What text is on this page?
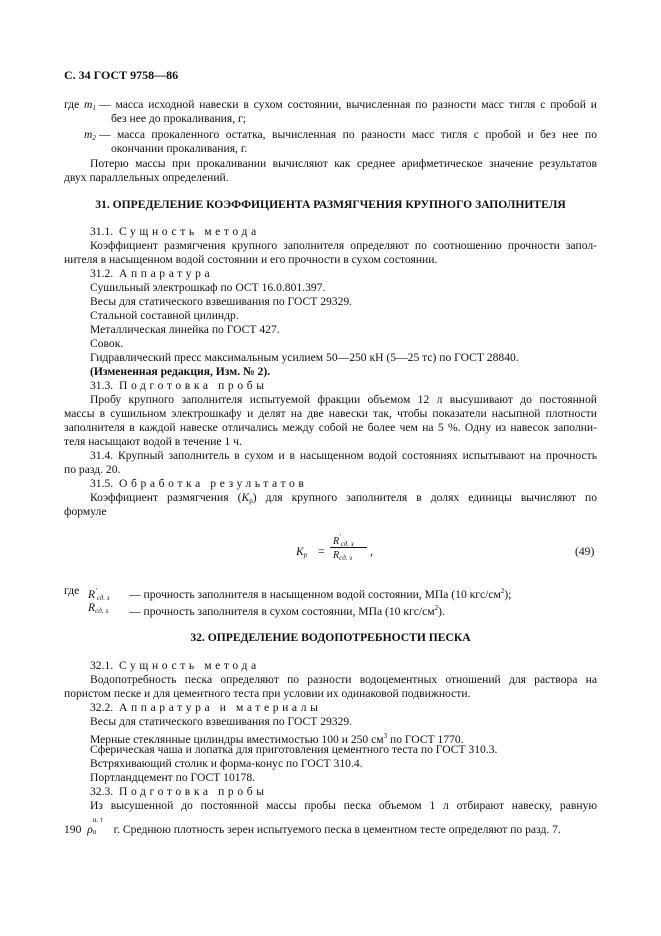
С. 34 ГОСТ 9758—86
где $m_1$ — масса исходной навески в сухом состоянии, вычисленная по разности масс тигля с пробой и
без нее до прокаливания, г;
$m_2$ — масса прокаленного остатка, вычисленная по разности масс тигля с пробой и без нее по
окончании прокаливания, г.
Потерю массы при прокаливании вычисляют как среднее арифметическое значение результатов
двух параллельных определений.
31. ОПРЕДЕЛЕНИЕ КОЭФФИЦИЕНТА РАЗМЯГЧЕНИЯ КРУПНОГО ЗАПОЛНИТЕЛЯ
31.1. Сущность метода
Коэффициент размягчения крупного заполнителя определяют по соотношению прочности запол-
нителя в насыщенном водой состоянии и его прочности в сухом состоянии.
31.2. Аппаратура
Сушильный электрошкаф по ОСТ 16.0.801.397.
Весы для статического взвешивания по ГОСТ 29329.
Стальной составной цилиндр.
Металлическая линейка по ГОСТ 427.
Совок.
Гидравлический пресс максимальным усилием 50—250 кН (5—25 тс) по ГОСТ 28840.
(Измененная редакция, Изм. № 2).
31.3. Подготовка пробы
Пробу крупного заполнителя испытуемой фракции объемом 12 л высушивают до постоянной
массы в сушильном электрошкафу и делят на две навески так, чтобы показатели насыпной плотности
заполнителя в каждой навеске отличались между собой не более чем на 5 %. Одну из навесок заполни-
теля насыщают водой в течение 1 ч.
31.4. Крупный заполнитель в сухом и в насыщенном водой состояниях испытывают на прочность
по разд. 20.
31.5. Обработка результатов
Коэффициент размягчения $(K_р)$ для крупного заполнителя в долях единицы вычисляют по
формуле
$K_р$ =
$R'_{сд. з}$
$R_{сд. з}$ ,	(49)
где $R'_{сд. з}$ — прочность заполнителя в насыщенном водой состоянии, МПа (10 кгс/$см^2$);
$R_{сд. з}$ — прочность заполнителя в сухом состоянии, МПа (10 кгс/$см^2$).
32. ОПРЕДЕЛЕНИЕ ВОДОПОТРЕБНОСТИ ПЕСКА
32.1. Сущность метода
Водопотребность песка определяют по разности водоцементных отношений для раствора на
пористом песке и для цементного теста при условии их одинаковой подвижности.
32.2. Аппаратура и материалы
Весы для статического взвешивания по ГОСТ 29329.
Мерные стеклянные цилиндры вместимостью 100 и 250 $см^3$ по ГОСТ 1770.
Сферическая чаша и лопатка для приготовления цементного теста по ГОСТ 310.3.
Встряхивающий столик и форма-конус по ГОСТ 310.4.
Портландцемент по ГОСТ 10178.
32.3. Подготовка пробы
Из высушенной до постоянной массы пробы песка объемом 1 л отбирают навеску, равную
190 ρ
н. т
п г. Среднюю плотность зерен испытуемого песка в цементном тесте определяют по разд. 7.
